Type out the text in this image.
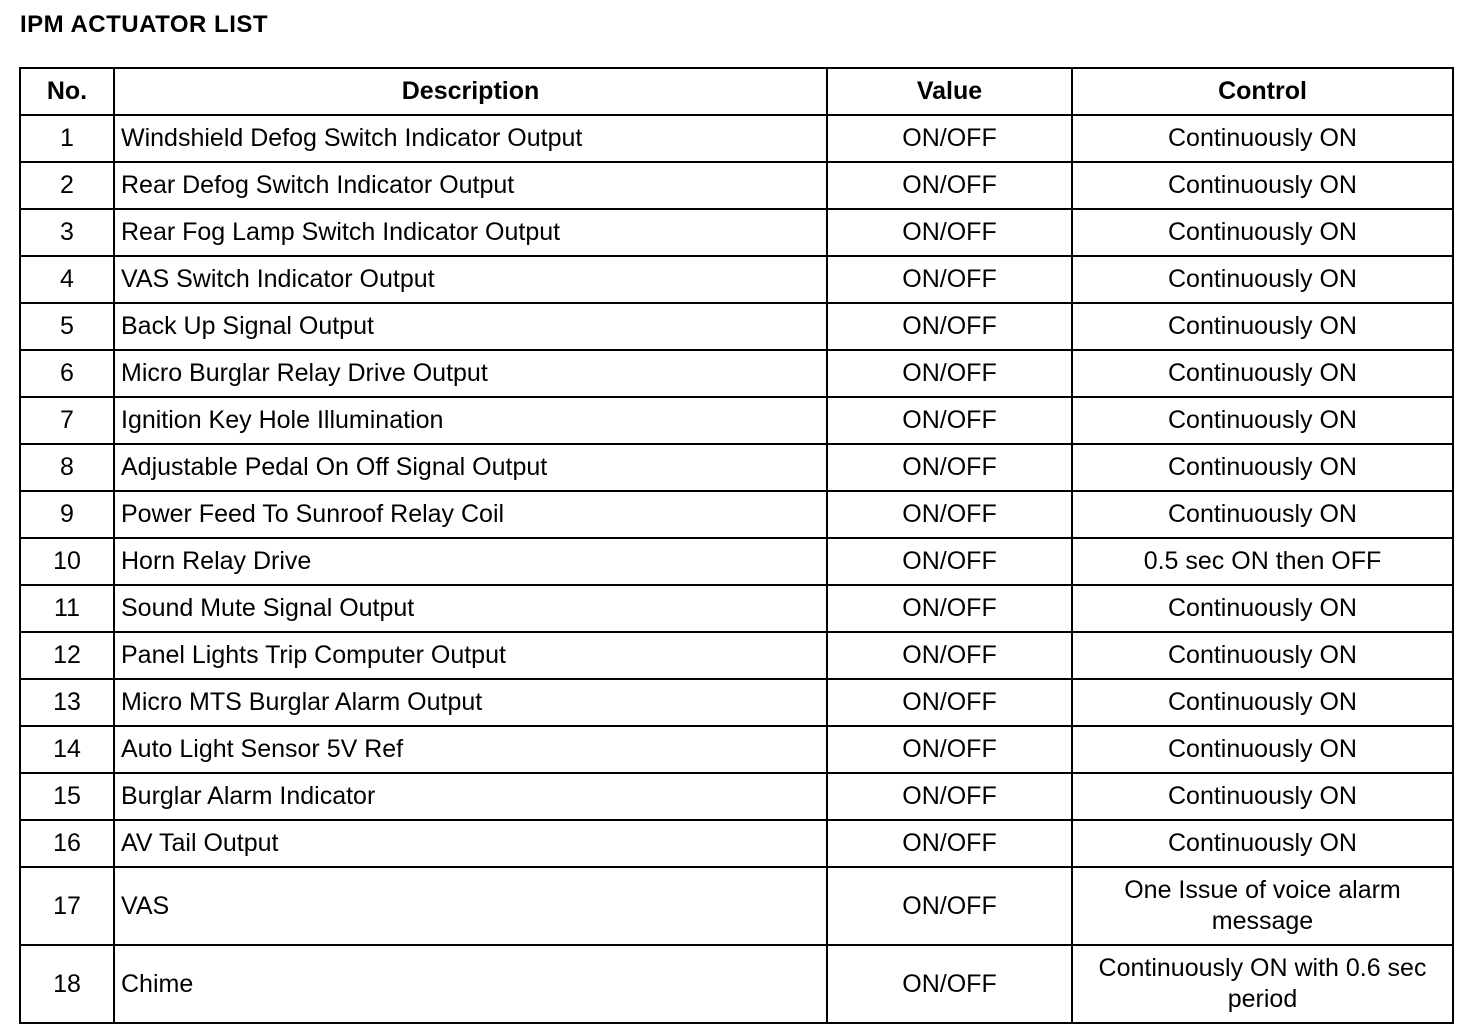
IPM ACTUATOR LIST
No.	Description	Value	Control
1	Windshield Defog Switch Indicator Output	ON/OFF	Continuously ON
2	Rear Defog Switch Indicator Output	ON/OFF	Continuously ON
3	Rear Fog Lamp Switch Indicator Output	ON/OFF	Continuously ON
4	VAS Switch Indicator Output	ON/OFF	Continuously ON
5	Back Up Signal Output	ON/OFF	Continuously ON
6	Micro Burglar Relay Drive Output	ON/OFF	Continuously ON
7	Ignition Key Hole Illumination	ON/OFF	Continuously ON
8	Adjustable Pedal On Off Signal Output	ON/OFF	Continuously ON
9	Power Feed To Sunroof Relay Coil	ON/OFF	Continuously ON
10	Horn Relay Drive	ON/OFF	0.5 sec ON then OFF
11	Sound Mute Signal Output	ON/OFF	Continuously ON
12	Panel Lights Trip Computer Output	ON/OFF	Continuously ON
13	Micro MTS Burglar Alarm Output	ON/OFF	Continuously ON
14	Auto Light Sensor 5V Ref	ON/OFF	Continuously ON
15	Burglar Alarm Indicator	ON/OFF	Continuously ON
16	AV Tail Output	ON/OFF	Continuously ON
17	VAS	ON/OFF	One Issue of voice alarm message
18	Chime	ON/OFF	Continuously ON with 0.6 sec period
